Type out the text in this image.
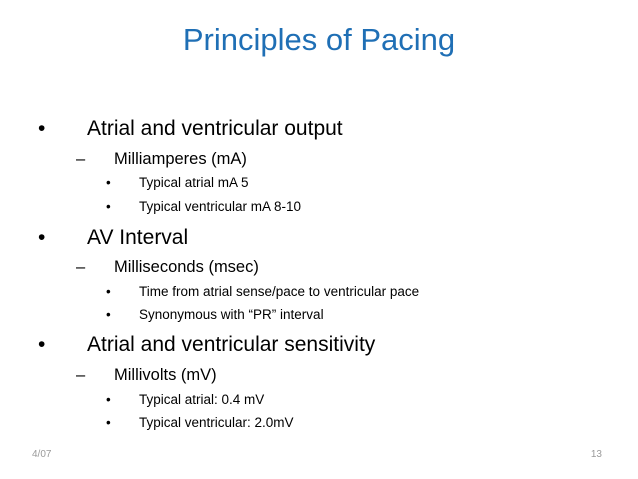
Principles of Pacing
• Atrial and ventricular output
– Milliamperes (mA)
• Typical atrial mA 5
• Typical ventricular mA 8-10
• AV Interval
– Milliseconds (msec)
• Time from atrial sense/pace to ventricular pace
• Synonymous with “PR” interval
• Atrial and ventricular sensitivity
– Millivolts (mV)
• Typical atrial: 0.4 mV
• Typical ventricular: 2.0mV
4/07	13
